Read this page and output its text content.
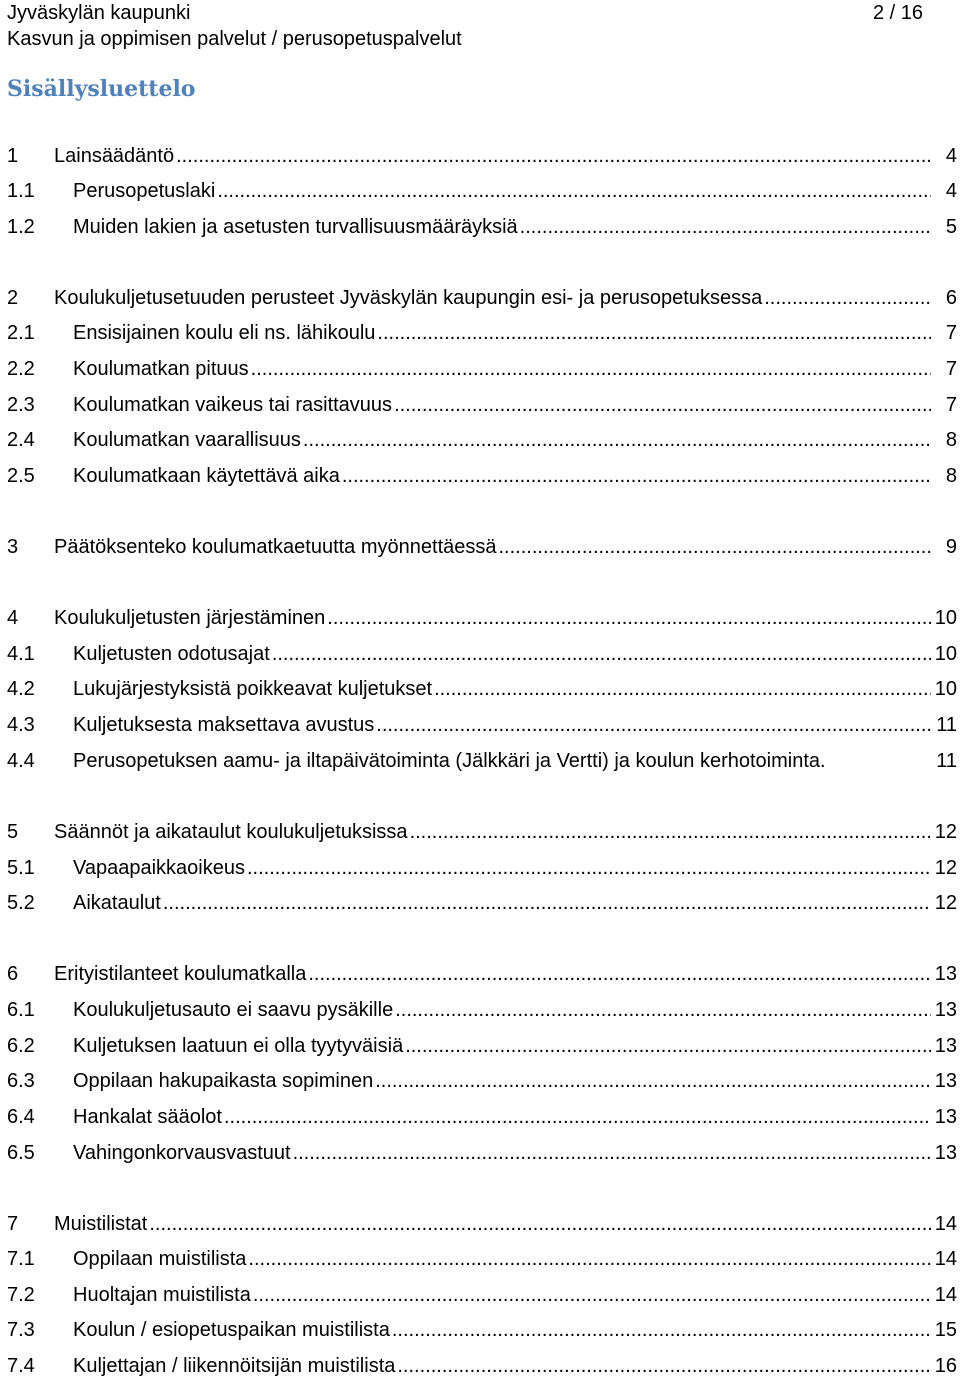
Jyväskylän kaupunki	2 / 16
Kasvun ja oppimisen palvelut / perusopetuspalvelut
Sisällysluettelo
1	Lainsäädäntö .....	4
1.1	Perusopetuslaki .....	4
1.2	Muiden lakien ja asetusten turvallisuusmääräyksiä .....	5
2	Koulukuljetusetuuden perusteet Jyväskylän kaupungin esi- ja perusopetuksessa .....	6
2.1	Ensisijainen koulu eli ns. lähikoulu .....	7
2.2	Koulumatkan pituus .....	7
2.3	Koulumatkan vaikeus tai rasittavuus .....	7
2.4	Koulumatkan vaarallisuus .....	8
2.5	Koulumatkaan käytettävä aika .....	8
3	Päätöksenteko koulumatkaetuutta myönnettäessä .....	9
4	Koulukuljetusten järjestäminen .....	10
4.1	Kuljetusten odotusajat .....	10
4.2	Lukujärjestyksistä poikkeavat kuljetukset .....	10
4.3	Kuljetuksesta maksettava avustus .....	11
4.4	Perusopetuksen aamu- ja iltapäivätoiminta (Jälkkäri ja Vertti) ja koulun kerhotoiminta.	11
5	Säännöt ja aikataulut koulukuljetuksissa .....	12
5.1	Vapaapaikkaoikeus .....	12
5.2	Aikataulut .....	12
6	Erityistilanteet koulumatkalla .....	13
6.1	Koulukuljetusauto ei saavu pysäkille .....	13
6.2	Kuljetuksen laatuun ei olla tyytyväisiä .....	13
6.3	Oppilaan hakupaikasta sopiminen .....	13
6.4	Hankalat sääolot .....	13
6.5	Vahingonkorvausvastuut .....	13
7	Muistilistat .....	14
7.1	Oppilaan muistilista .....	14
7.2	Huoltajan muistilista .....	14
7.3	Koulun / esiopetuspaikan muistilista .....	15
7.4	Kuljettajan / liikennöitsijän muistilista .....	16
